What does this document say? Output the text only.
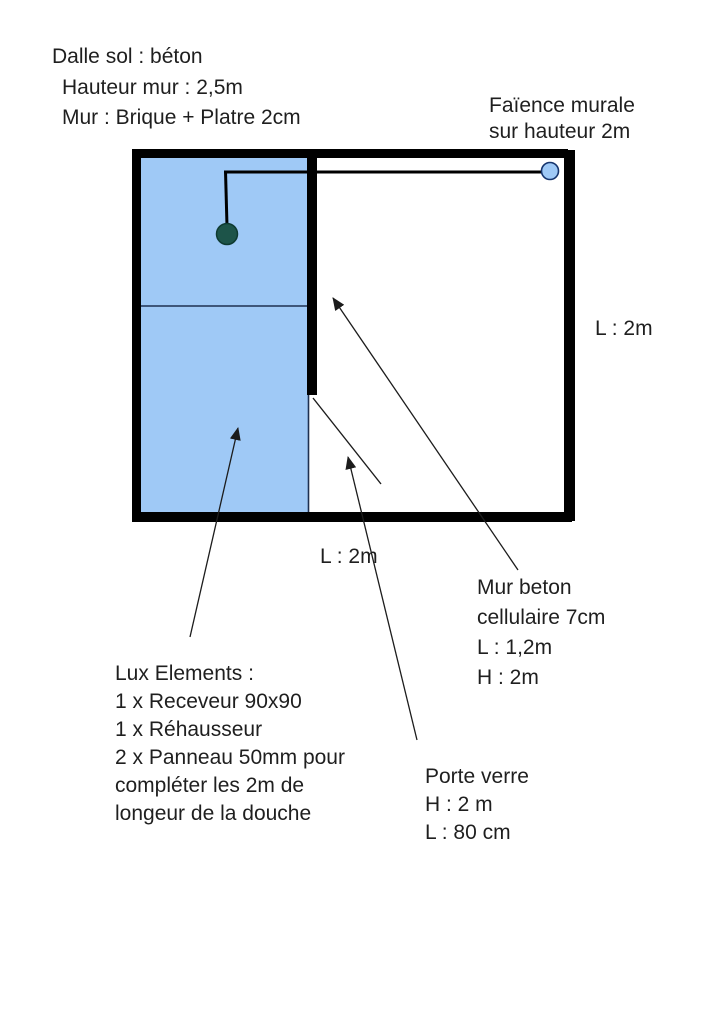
Dalle sol : béton
Hauteur mur : 2,5m
Mur : Brique + Platre 2cm
Faïence murale
sur hauteur 2m
L : 2m
L : 2m
Mur beton
cellulaire 7cm
L : 1,2m
H : 2m
Lux Elements :
1 x Receveur 90x90
1 x Réhausseur
2 x Panneau 50mm pour
compléter les 2m de
longeur de la douche
Porte verre
H : 2 m
L : 80 cm
